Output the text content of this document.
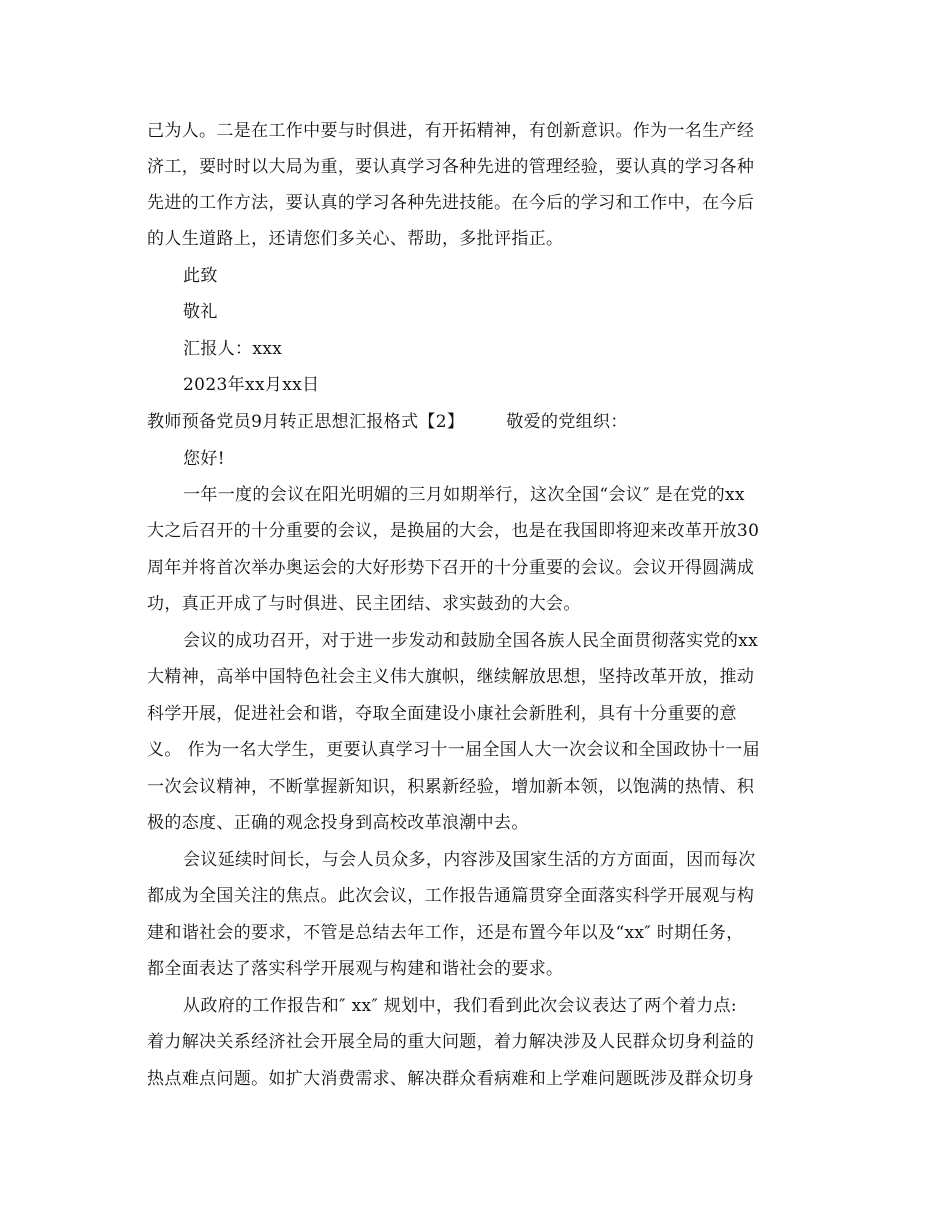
己为人。二是在工作中要与时俱进，有开拓精神，有创新意识。作为一名生产经
济工，要时时以大局为重，要认真学习各种先进的管理经验，要认真的学习各种
先进的工作方法，要认真的学习各种先进技能。在今后的学习和工作中，在今后
的人生道路上，还请您们多关心、帮助，多批评指正。
此致
敬礼
汇报人：xxx
2023年xx月xx日
教师预备党员9月转正思想汇报格式【2】 敬爱的党组织：
您好!
一年一度的会议在阳光明媚的三月如期举行，这次全国“会议″ 是在党的xx
大之后召开的十分重要的会议，是换届的大会，也是在我国即将迎来改革开放30
周年并将首次举办奥运会的大好形势下召开的十分重要的会议。会议开得圆满成
功，真正开成了与时俱进、民主团结、求实鼓劲的大会。
会议的成功召开，对于进一步发动和鼓励全国各族人民全面贯彻落实党的xx
大精神，高举中国特色社会主义伟大旗帜，继续解放思想，坚持改革开放，推动
科学开展，促进社会和谐，夺取全面建设小康社会新胜利，具有十分重要的意
义。 作为一名大学生，更要认真学习十一届全国人大一次会议和全国政协十一届
一次会议精神，不断掌握新知识，积累新经验，增加新本领，以饱满的热情、积
极的态度、正确的观念投身到高校改革浪潮中去。
会议延续时间长，与会人员众多，内容涉及国家生活的方方面面，因而每次
都成为全国关注的焦点。此次会议，工作报告通篇贯穿全面落实科学开展观与构
建和谐社会的要求，不管是总结去年工作，还是布置今年以及“xx″ 时期任务，
都全面表达了落实科学开展观与构建和谐社会的要求。
从政府的工作报告和″ xx″ 规划中，我们看到此次会议表达了两个着力点:
着力解决关系经济社会开展全局的重大问题，着力解决涉及人民群众切身利益的
热点难点问题。如扩大消费需求、解决群众看病难和上学难问题既涉及群众切身
